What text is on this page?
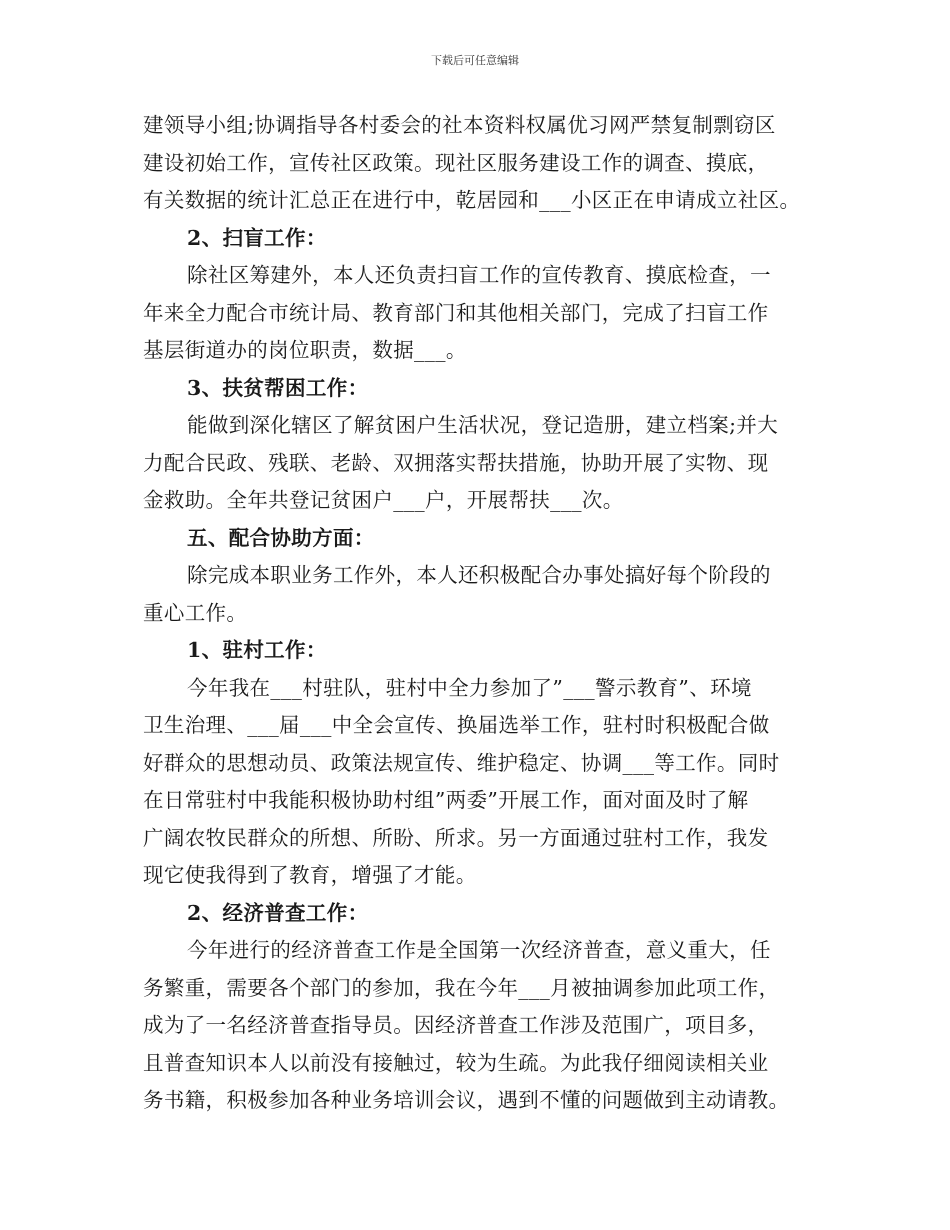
下载后可任意编辑
建领导小组;协调指导各村委会的社本资料权属优习网严禁复制剽窃区
建设初始工作，宣传社区政策。现社区服务建设工作的调查、摸底，
有关数据的统计汇总正在进行中，乾居园和___小区正在申请成立社区。
2、扫盲工作：
除社区筹建外，本人还负责扫盲工作的宣传教育、摸底检查，一
年来全力配合市统计局、教育部门和其他相关部门，完成了扫盲工作
基层街道办的岗位职责，数据___。
3、扶贫帮困工作：
能做到深化辖区了解贫困户生活状况，登记造册，建立档案;并大
力配合民政、残联、老龄、双拥落实帮扶措施，协助开展了实物、现
金救助。全年共登记贫困户___户，开展帮扶___次。
五、配合协助方面：
除完成本职业务工作外，本人还积极配合办事处搞好每个阶段的
重心工作。
1、驻村工作：
今年我在___村驻队，驻村中全力参加了”___警示教育”、环境
卫生治理、___届___中全会宣传、换届选举工作，驻村时积极配合做
好群众的思想动员、政策法规宣传、维护稳定、协调___等工作。同时
在日常驻村中我能积极协助村组”两委”开展工作，面对面及时了解
广阔农牧民群众的所想、所盼、所求。另一方面通过驻村工作，我发
现它使我得到了教育，增强了才能。
2、经济普查工作：
今年进行的经济普查工作是全国第一次经济普查，意义重大，任
务繁重，需要各个部门的参加，我在今年___月被抽调参加此项工作，
成为了一名经济普查指导员。因经济普查工作涉及范围广，项目多，
且普查知识本人以前没有接触过，较为生疏。为此我仔细阅读相关业
务书籍，积极参加各种业务培训会议，遇到不懂的问题做到主动请教。
